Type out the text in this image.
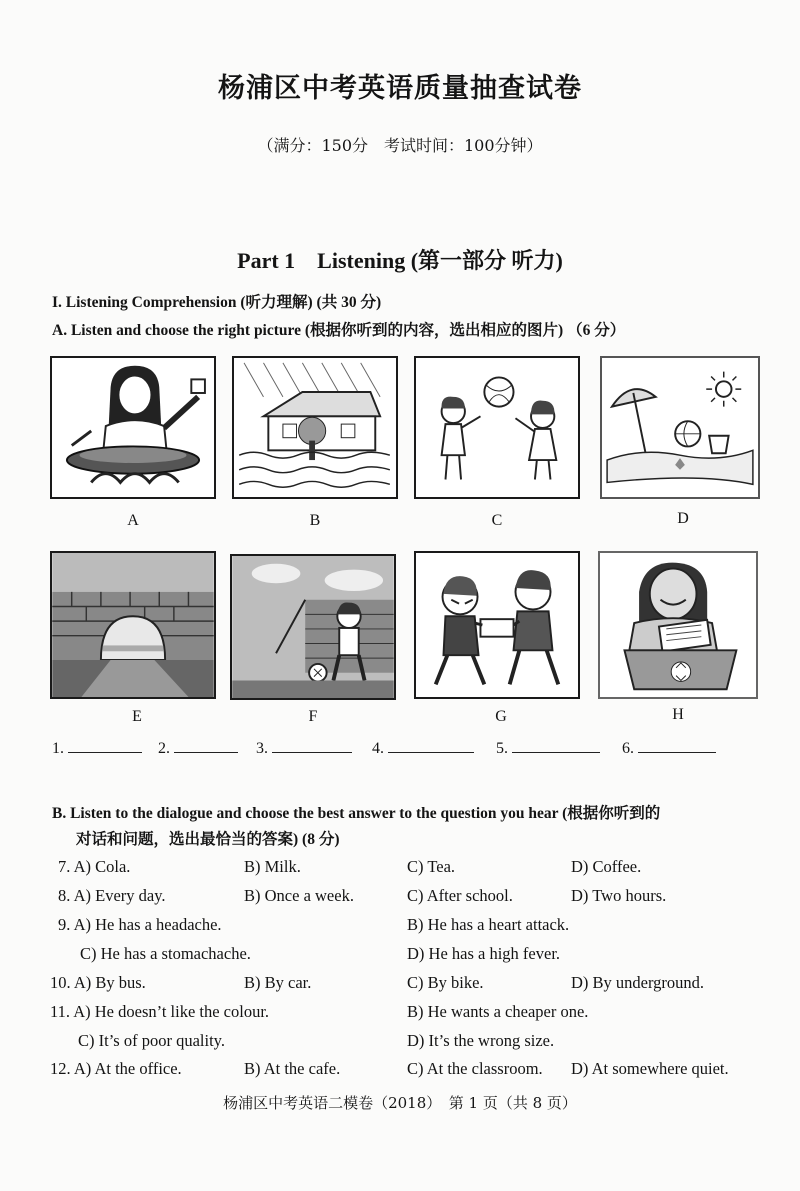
杨浦区中考英语质量抽查试卷
（满分：150分　考试时间：100分钟）
Part 1　Listening (第一部分 听力)
I. Listening Comprehension (听力理解) (共 30 分)
A. Listen and choose the right picture (根据你听到的内容，选出相应的图片) （6 分）
A	B	C	D
E	F	G	H
1.	2.	3.	4.	5.	6.
B. Listen to the dialogue and choose the best answer to the question you hear (根据你听到的
对话和问题，选出最恰当的答案) (8 分)
7. A) Cola.	B) Milk.	C) Tea.	D) Coffee.
8. A) Every day.	B) Once a week.	C) After school.	D) Two hours.
9. A) He has a headache.	B) He has a heart attack.
C) He has a stomachache.	D) He has a high fever.
10. A) By bus.	B) By car.	C) By bike.	D) By underground.
11. A) He doesn’t like the colour.	B) He wants a cheaper one.
C) It’s of poor quality.	D) It’s the wrong size.
12. A) At the office.	B) At the cafe.	C) At the classroom. D) At somewhere quiet.
杨浦区中考英语二模卷（2018）　第 1 页（共 8 页）
